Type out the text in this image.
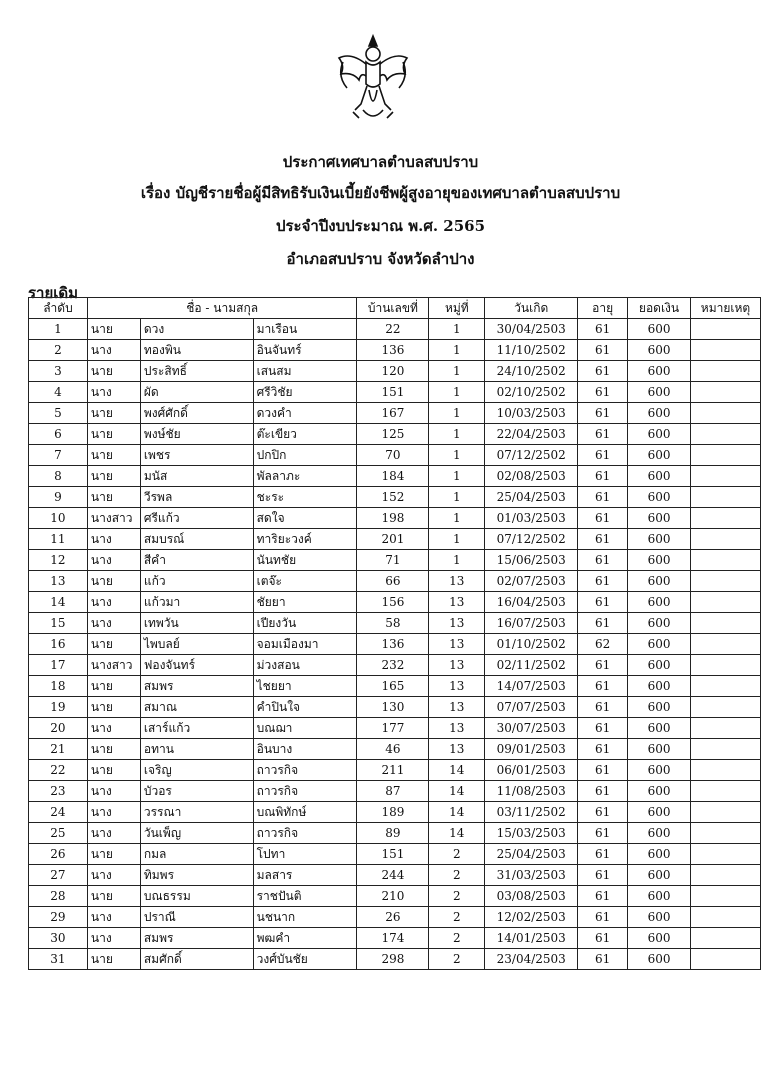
ประกาศเทศบาลตำบลสบปราบ
เรื่อง บัญชีรายชื่อผู้มีสิทธิรับเงินเบี้ยยังชีพผู้สูงอายุของเทศบาลตำบลสบปราบ
ประจำปีงบประมาณ พ.ศ. 2565
อำเภอสบปราบ จังหวัดลำปาง
รายเดิม
ลำดับ	ชื่อ - นามสกุล			บ้านเลขที่	หมู่ที่	วันเกิด	อายุ	ยอดเงิน	หมายเหตุ
1	นาย	ดวง	มาเรือน	22	1	30/04/2503	61	600	
2	นาง	ทองพิน	อินจันทร์	136	1	11/10/2502	61	600	
3	นาย	ประสิทธิ์	เสนสม	120	1	24/10/2502	61	600	
4	นาง	ผัด	ศรีวิชัย	151	1	02/10/2502	61	600	
5	นาย	พงศ์ศักดิ์	ดวงคำ	167	1	10/03/2503	61	600	
6	นาย	พงษ์ชัย	ต๊ะเขียว	125	1	22/04/2503	61	600	
7	นาย	เพชร	ปกปิก	70	1	07/12/2502	61	600	
8	นาย	มนัส	พัลลาภะ	184	1	02/08/2503	61	600	
9	นาย	วีรพล	ชะระ	152	1	25/04/2503	61	600	
10	นางสาว	ศรีแก้ว	สดใจ	198	1	01/03/2503	61	600	
11	นาง	สมบรณ์	ทาริยะวงค์	201	1	07/12/2502	61	600	
12	นาง	สีคำ	นันทชัย	71	1	15/06/2503	61	600	
13	นาย	แก้ว	เตจ๊ะ	66	13	02/07/2503	61	600	
14	นาง	แก้วมา	ชัยยา	156	13	16/04/2503	61	600	
15	นาง	เทพวัน	เปียงวัน	58	13	16/07/2503	61	600	
16	นาย	ไพบลย์	จอมเมืองมา	136	13	01/10/2502	62	600	
17	นางสาว	ฟองจันทร์	ม่วงสอน	232	13	02/11/2502	61	600	
18	นาย	สมพร	ไชยยา	165	13	14/07/2503	61	600	
19	นาย	สมาณ	คำปินใจ	130	13	07/07/2503	61	600	
20	นาง	เสาร์แก้ว	บณฌา	177	13	30/07/2503	61	600	
21	นาย	อทาน	อินบาง	46	13	09/01/2503	61	600	
22	นาย	เจริญ	ถาวรกิจ	211	14	06/01/2503	61	600	
23	นาง	บัวอร	ถาวรกิจ	87	14	11/08/2503	61	600	
24	นาง	วรรณา	บณพิทักษ์	189	14	03/11/2502	61	600	
25	นาง	วันเพ็ญ	ถาวรกิจ	89	14	15/03/2503	61	600	
26	นาย	กมล	โปทา	151	2	25/04/2503	61	600	
27	นาง	ทิมพร	มลสาร	244	2	31/03/2503	61	600	
28	นาย	บณธรรม	ราชปันติ	210	2	03/08/2503	61	600	
29	นาง	ปราณี	นชนาก	26	2	12/02/2503	61	600	
30	นาง	สมพร	พฒคำ	174	2	14/01/2503	61	600	
31	นาย	สมศักดิ์	วงศ์บันชัย	298	2	23/04/2503	61	600	
